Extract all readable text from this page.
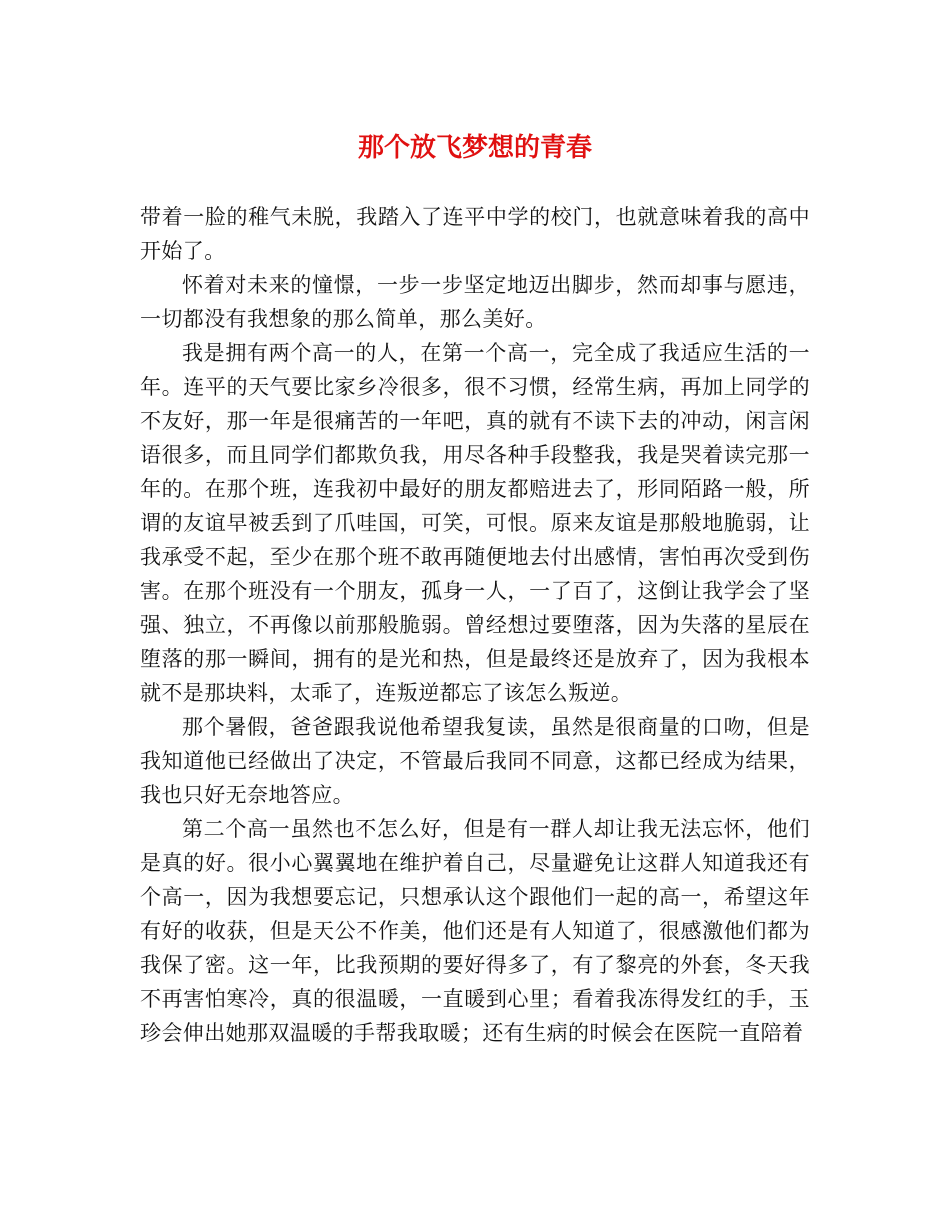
那个放飞梦想的青春

带着一脸的稚气未脱，我踏入了连平中学的校门，也就意味着我的高中开始了。

怀着对未来的憧憬，一步一步坚定地迈出脚步，然而却事与愿违，一切都没有我想象的那么简单，那么美好。

我是拥有两个高一的人，在第一个高一，完全成了我适应生活的一年。连平的天气要比家乡冷很多，很不习惯，经常生病，再加上同学的不友好，那一年是很痛苦的一年吧，真的就有不读下去的冲动，闲言闲语很多，而且同学们都欺负我，用尽各种手段整我，我是哭着读完那一年的。在那个班，连我初中最好的朋友都赔进去了，形同陌路一般，所谓的友谊早被丢到了爪哇国，可笑，可恨。原来友谊是那般地脆弱，让我承受不起，至少在那个班不敢再随便地去付出感情，害怕再次受到伤害。在那个班没有一个朋友，孤身一人，一了百了，这倒让我学会了坚强、独立，不再像以前那般脆弱。曾经想过要堕落，因为失落的星辰在堕落的那一瞬间，拥有的是光和热，但是最终还是放弃了，因为我根本就不是那块料，太乖了，连叛逆都忘了该怎么叛逆。

那个暑假，爸爸跟我说他希望我复读，虽然是很商量的口吻，但是我知道他已经做出了决定，不管最后我同不同意，这都已经成为结果，我也只好无奈地答应。

第二个高一虽然也不怎么好，但是有一群人却让我无法忘怀，他们是真的好。很小心翼翼地在维护着自己，尽量避免让这群人知道我还有个高一，因为我想要忘记，只想承认这个跟他们一起的高一，希望这年有好的收获，但是天公不作美，他们还是有人知道了，很感激他们都为我保了密。这一年，比我预期的要好得多了，有了黎亮的外套，冬天我不再害怕寒冷，真的很温暖，一直暖到心里；看着我冻得发红的手，玉珍会伸出她那双温暖的手帮我取暖；还有生病的时候会在医院一直陪着
